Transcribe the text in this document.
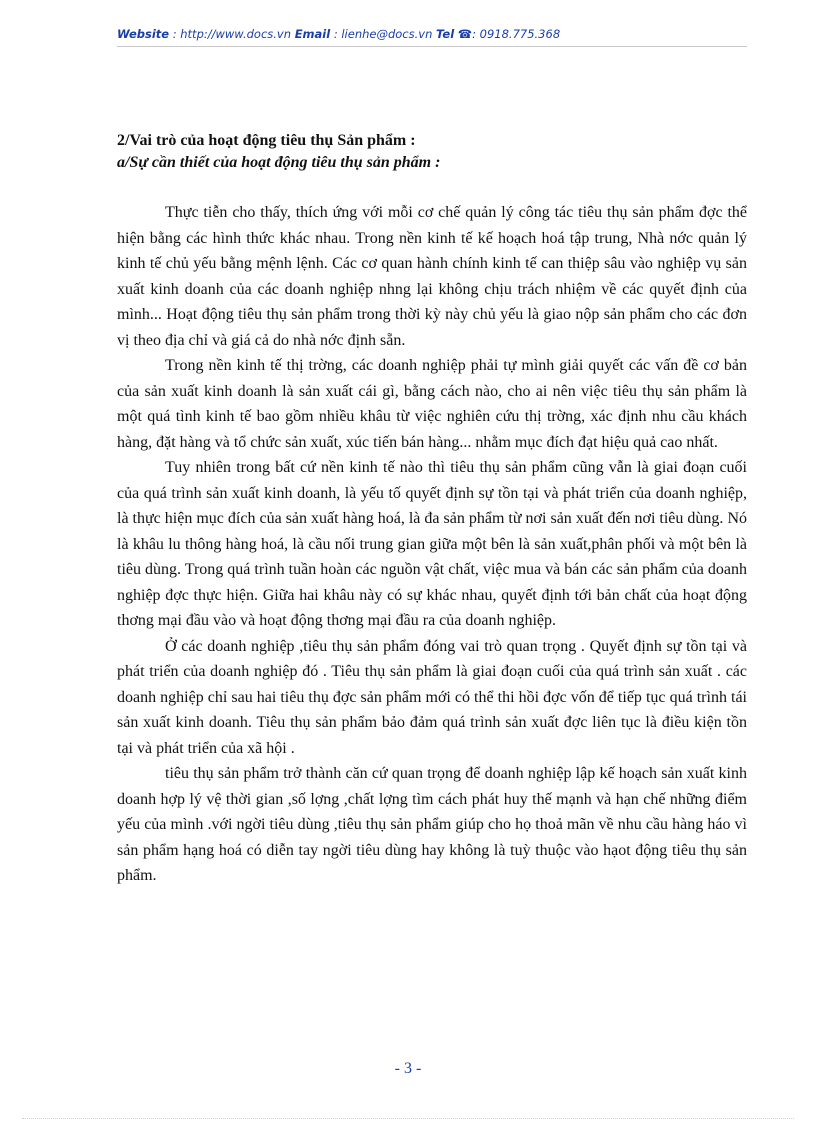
Website : http://www.docs.vn Email : lienhe@docs.vn Tel ☎: 0918.775.368
2/Vai trò của hoạt động tiêu thụ Sản phẩm :
a/Sự cần thiết của hoạt động tiêu thụ sản phẩm :

Thực tiễn cho thấy, thích ứng với mỗi cơ chế quản lý công tác tiêu thụ sản phẩm đợc thể hiện bằng các hình thức khác nhau. Trong nền kinh tế kế hoạch hoá tập trung, Nhà nớc quản lý kinh tế chủ yếu bằng mệnh lệnh. Các cơ quan hành chính kinh tế can thiệp sâu vào nghiệp vụ sản xuất kinh doanh của các doanh nghiệp nhng lại không chịu trách nhiệm về các quyết định của mình... Hoạt động tiêu thụ sản phẩm trong thời kỳ này chủ yếu là giao nộp sản phẩm cho các đơn vị theo địa chỉ và giá cả do nhà nớc định sẵn.

Trong nền kinh tế thị trờng, các doanh nghiệp phải tự mình giải quyết các vấn đề cơ bản của sản xuất kinh doanh là sản xuất cái gì, bằng cách nào, cho ai nên việc tiêu thụ sản phẩm là một quá tình kinh tế bao gồm nhiều khâu từ việc nghiên cứu thị trờng, xác định nhu cầu khách hàng, đặt hàng và tổ chức sản xuất, xúc tiến bán hàng... nhằm mục đích đạt hiệu quả cao nhất.

Tuy nhiên trong bất cứ nền kinh tế nào thì tiêu thụ sản phẩm cũng vẫn là giai đoạn cuối của quá trình sản xuất kinh doanh, là yếu tố quyết định sự tồn tại và phát triển của doanh nghiệp, là thực hiện mục đích của sản xuất hàng hoá, là đa sản phẩm từ nơi sản xuất đến nơi tiêu dùng. Nó là khâu lu thông hàng hoá, là cầu nối trung gian giữa một bên là sản xuất,phân phối và một bên là tiêu dùng. Trong quá trình tuần hoàn các nguồn vật chất, việc mua và bán các sản phẩm của doanh nghiệp đợc thực hiện. Giữa hai khâu này có sự khác nhau, quyết định tới bản chất của hoạt động thơng mại đầu vào và hoạt động thơng mại đầu ra của doanh nghiệp.

Ở các doanh nghiệp ,tiêu thụ sản phẩm đóng vai trò quan trọng . Quyết định sự tồn tại và phát triển của doanh nghiệp đó . Tiêu thụ sản phẩm là giai đoạn cuối của quá trình sản xuất . các doanh nghiệp chỉ sau hai tiêu thụ đợc sản phẩm mới có thể thi hồi đợc vốn để tiếp tục quá trình tái sản xuất kinh doanh. Tiêu thụ sản phẩm bảo đảm quá trình sản xuất đợc liên tục là điều kiện tồn tại và phát triển của xã hội .

tiêu thụ sản phẩm trở thành căn cứ quan trọng để doanh nghiệp lập kế hoạch sản xuất kinh doanh hợp lý vệ thời gian ,số lợng ,chất lợng tìm cách phát huy thế mạnh và hạn chế những điểm yếu của mình .với ngời tiêu dùng ,tiêu thụ sản phẩm giúp cho họ thoả mãn về nhu cầu hàng háo vì sản phẩm hạng hoá có diễn tay ngời tiêu dùng hay không là tuỳ thuộc vào hạot động tiêu thụ sản phẩm.

- 3 -
